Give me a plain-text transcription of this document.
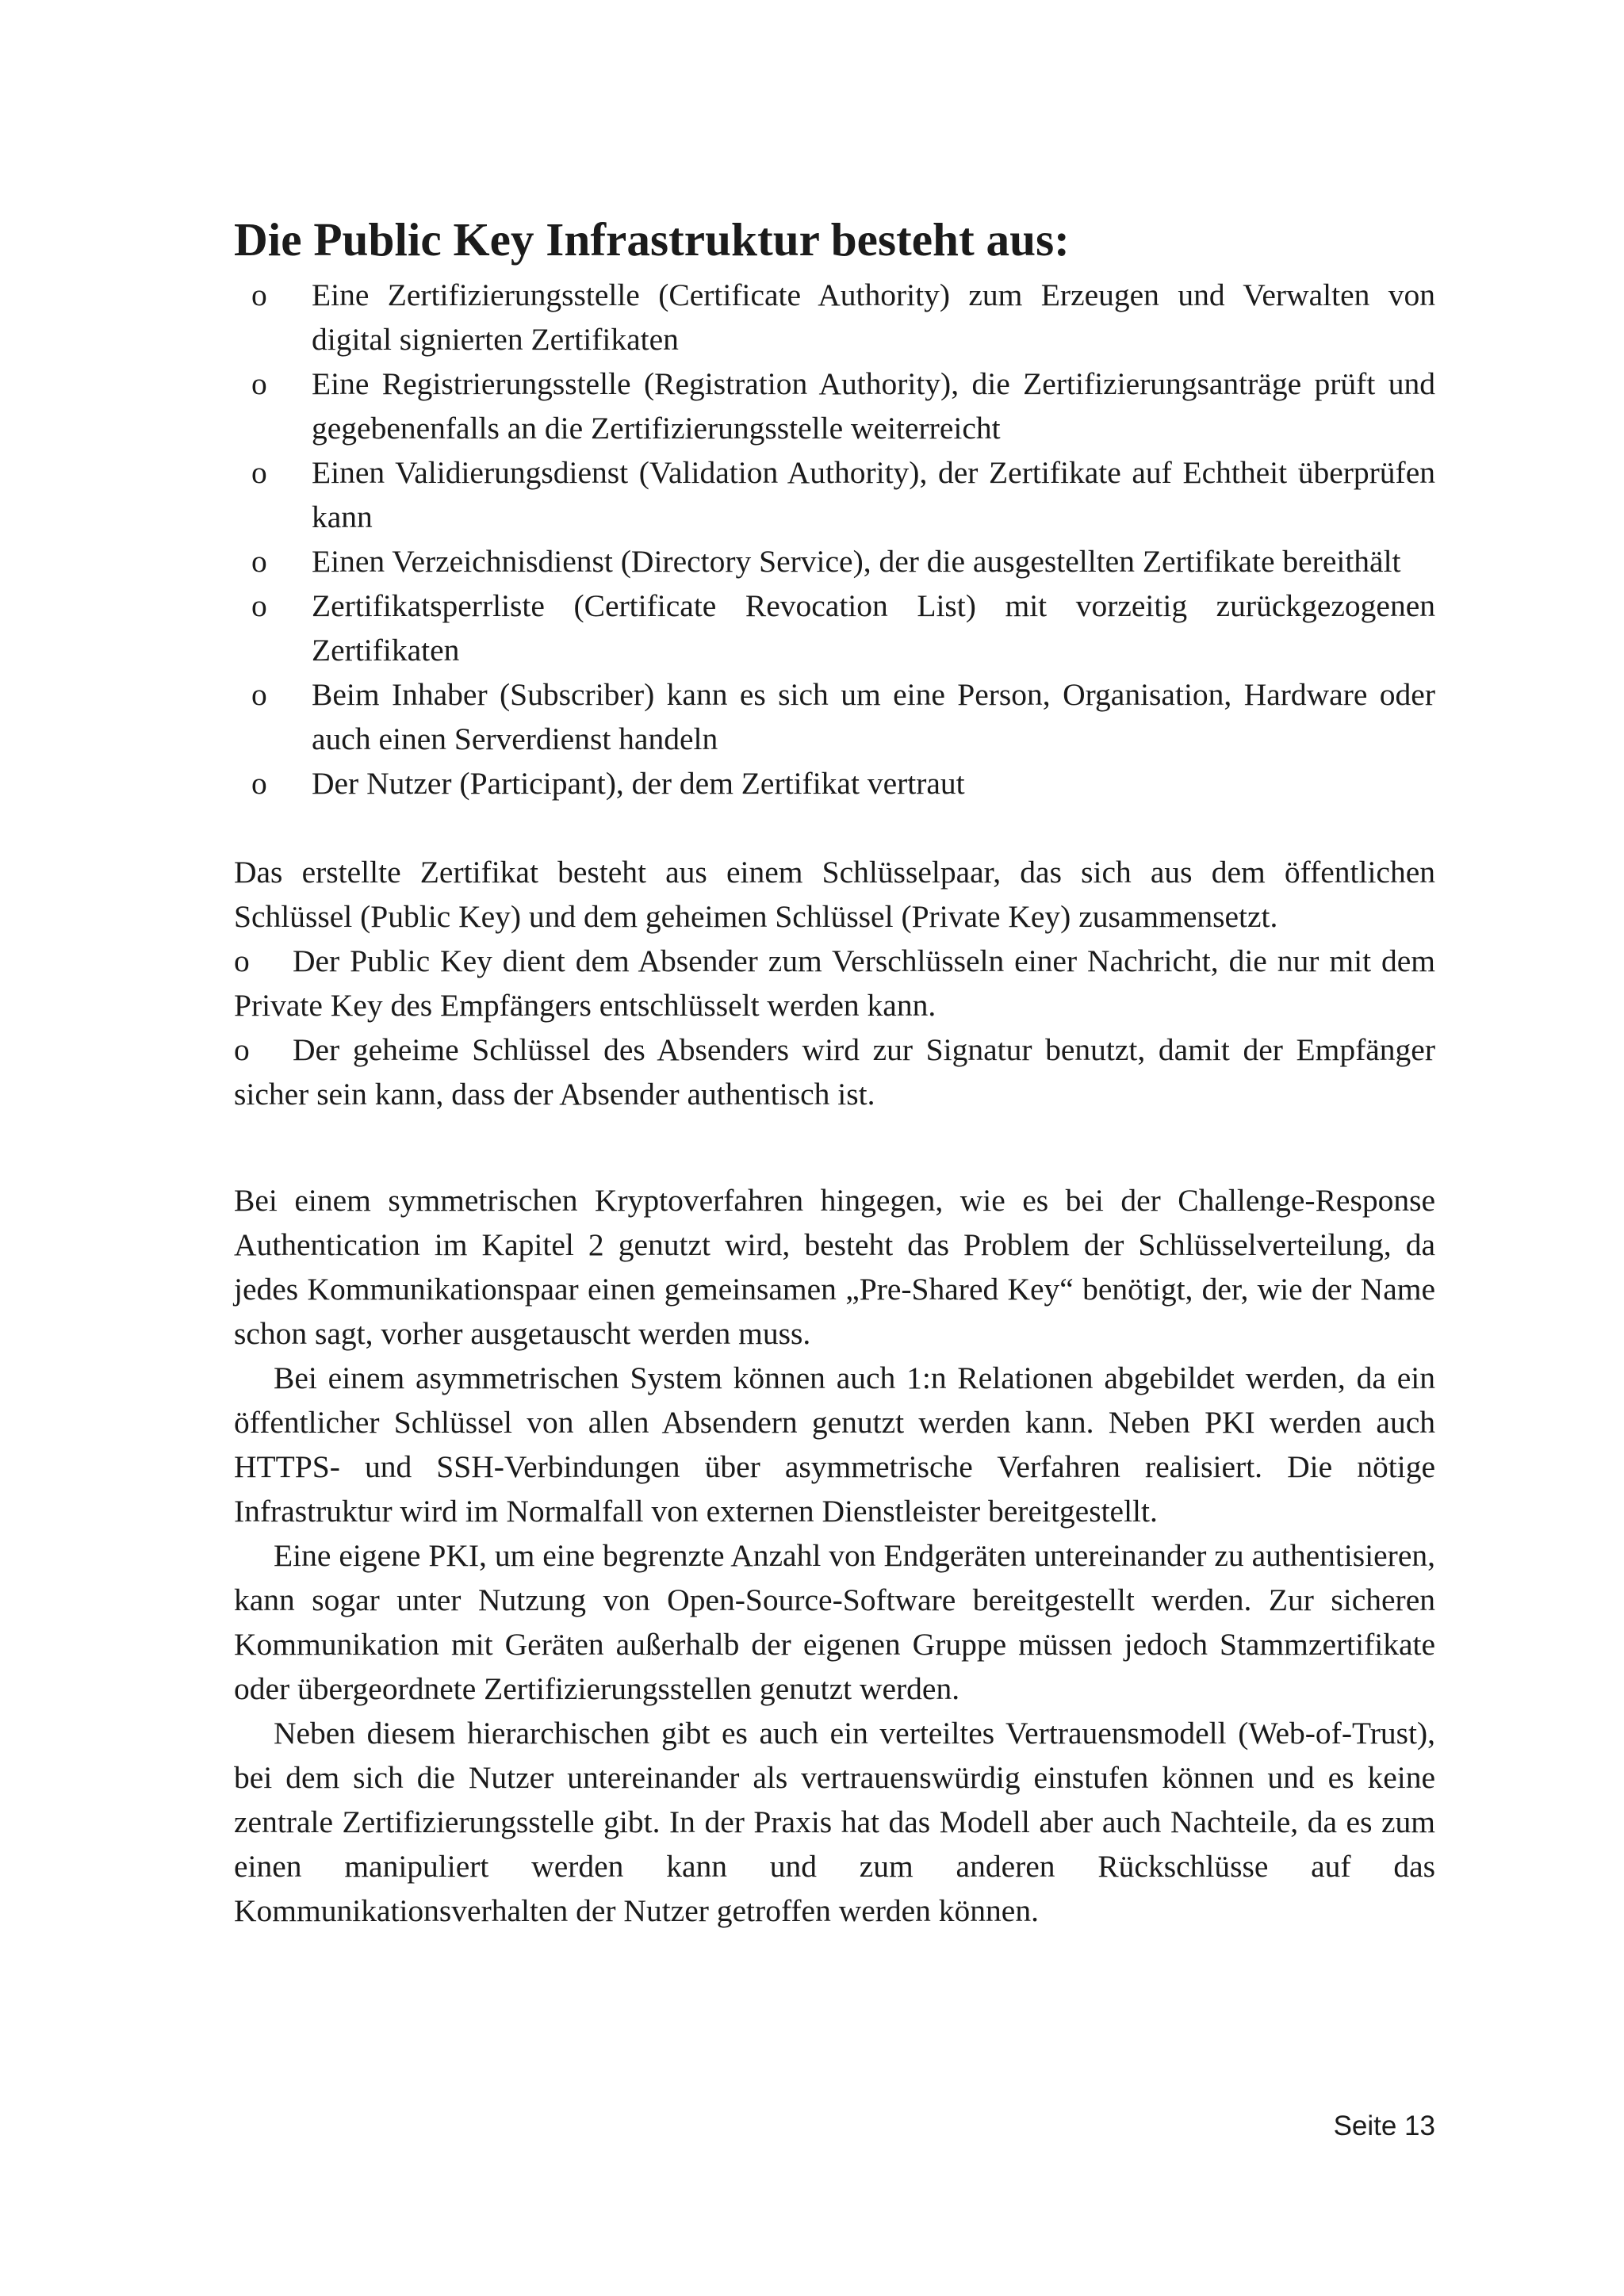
Die Public Key Infrastruktur besteht aus:
o Eine Zertifizierungsstelle (Certificate Authority) zum Erzeugen und Verwalten von digital signierten Zertifikaten
o Eine Registrierungsstelle (Registration Authority), die Zertifizierungsanträge prüft und gegebenenfalls an die Zertifizierungsstelle weiterreicht
o Einen Validierungsdienst (Validation Authority), der Zertifikate auf Echtheit überprüfen kann
o Einen Verzeichnisdienst (Directory Service), der die ausgestellten Zertifikate bereithält
o Zertifikatsperrliste (Certificate Revocation List) mit vorzeitig zurückgezogenen Zertifikaten
o Beim Inhaber (Subscriber) kann es sich um eine Person, Organisation, Hardware oder auch einen Serverdienst handeln
o Der Nutzer (Participant), der dem Zertifikat vertraut

Das erstellte Zertifikat besteht aus einem Schlüsselpaar, das sich aus dem öffentlichen Schlüssel (Public Key) und dem geheimen Schlüssel (Private Key) zusammensetzt.

o Der Public Key dient dem Absender zum Verschlüsseln einer Nachricht, die nur mit dem Private Key des Empfängers entschlüsselt werden kann.

o Der geheime Schlüssel des Absenders wird zur Signatur benutzt, damit der Empfänger sicher sein kann, dass der Absender authentisch ist.

Bei einem symmetrischen Kryptoverfahren hingegen, wie es bei der Challenge-Response Authentication im Kapitel 2 genutzt wird, besteht das Problem der Schlüsselverteilung, da jedes Kommunikationspaar einen gemeinsamen „Pre-Shared Key“ benötigt, der, wie der Name schon sagt, vorher ausgetauscht werden muss.

Bei einem asymmetrischen System können auch 1:n Relationen abgebildet werden, da ein öffentlicher Schlüssel von allen Absendern genutzt werden kann. Neben PKI werden auch HTTPS- und SSH-Verbindungen über asymmetrische Verfahren realisiert. Die nötige Infrastruktur wird im Normalfall von externen Dienstleister bereitgestellt.

Eine eigene PKI, um eine begrenzte Anzahl von Endgeräten untereinander zu authentisieren, kann sogar unter Nutzung von Open-Source-Software bereitgestellt werden. Zur sicheren Kommunikation mit Geräten außerhalb der eigenen Gruppe müssen jedoch Stammzertifikate oder übergeordnete Zertifizierungsstellen genutzt werden.

Neben diesem hierarchischen gibt es auch ein verteiltes Vertrauensmodell (Web-of-Trust), bei dem sich die Nutzer untereinander als vertrauenswürdig einstufen können und es keine zentrale Zertifizierungsstelle gibt. In der Praxis hat das Modell aber auch Nachteile, da es zum einen manipuliert werden kann und zum anderen Rückschlüsse auf das Kommunikationsverhalten der Nutzer getroffen werden können.

Seite 13
